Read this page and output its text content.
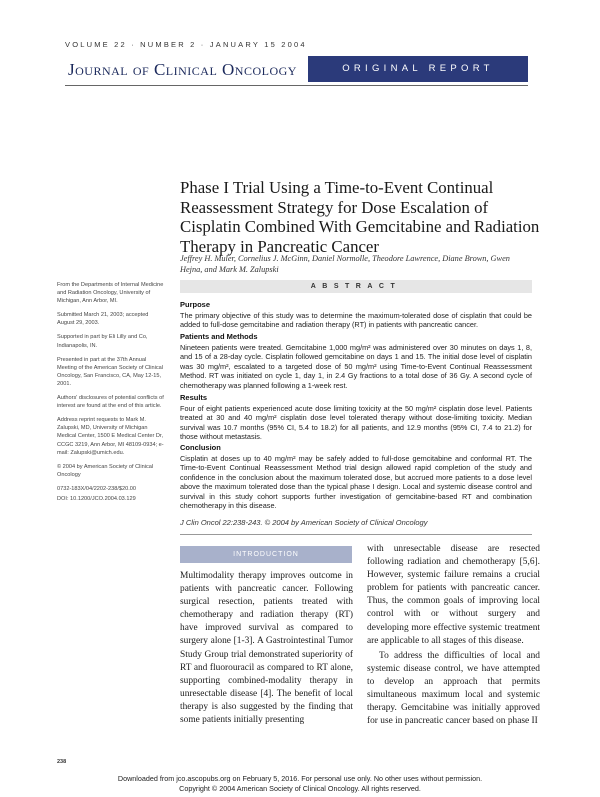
VOLUME 22 · NUMBER 2 · JANUARY 15 2004
Journal of Clinical Oncology	ORIGINAL REPORT
Phase I Trial Using a Time-to-Event Continual Reassessment Strategy for Dose Escalation of Cisplatin Combined With Gemcitabine and Radiation Therapy in Pancreatic Cancer
Jeffrey H. Muler, Cornelius J. McGinn, Daniel Normolle, Theodore Lawrence, Diane Brown, Gwen Hejna, and Mark M. Zalupski

From the Departments of Internal Medicine and Radiation Oncology, University of Michigan, Ann Arbor, MI.

Submitted March 21, 2003; accepted August 29, 2003.

Supported in part by Eli Lilly and Co, Indianapolis, IN.

Presented in part at the 37th Annual Meeting of the American Society of Clinical Oncology, San Francisco, CA, May 12-15, 2001.

Authors' disclosures of potential conflicts of interest are found at the end of this article.

Address reprint requests to Mark M. Zalupski, MD, University of Michigan Medical Center, 1500 E Medical Center Dr, CCGC 3219, Ann Arbor, MI 48109-0934; e-mail: Zalupski@umich.edu.

© 2004 by American Society of Clinical Oncology

0732-183X/04/2202-238/$20.00

DOI: 10.1200/JCO.2004.03.129

ABSTRACT
Purpose

The primary objective of this study was to determine the maximum-tolerated dose of cisplatin that could be added to full-dose gemcitabine and radiation therapy (RT) in patients with pancreatic cancer.

Patients and Methods

Nineteen patients were treated. Gemcitabine 1,000 mg/m² was administered over 30 minutes on days 1, 8, and 15 of a 28-day cycle. Cisplatin followed gemcitabine on days 1 and 15. The initial dose level of cisplatin was 30 mg/m², escalated to a targeted dose of 50 mg/m² using Time-to-Event Continual Reassessment Method. RT was initiated on cycle 1, day 1, in 2.4 Gy fractions to a total dose of 36 Gy. A second cycle of chemotherapy was planned following a 1-week rest.

Results

Four of eight patients experienced acute dose limiting toxicity at the 50 mg/m² cisplatin dose level. Patients treated at 30 and 40 mg/m² cisplatin dose level tolerated therapy without dose-limiting toxicity. Median survival was 10.7 months (95% CI, 5.4 to 18.2) for all patients, and 12.9 months (95% CI, 7.4 to 21.2) for those without metastasis.

Conclusion

Cisplatin at doses up to 40 mg/m² may be safely added to full-dose gemcitabine and conformal RT. The Time-to-Event Continual Reassessment Method trial design allowed rapid completion of the study and confidence in the conclusion about the maximum tolerated dose, but accrued more patients to a dose level above the maximum tolerated dose than the typical phase I design. Local and systemic disease control and survival in this study cohort supports further investigation of gemcitabine-based RT and combination chemotherapy in this disease.

J Clin Oncol 22:238-243. © 2004 by American Society of Clinical Oncology
INTRODUCTION

Multimodality therapy improves outcome in patients with pancreatic cancer. Following surgical resection, patients treated with chemotherapy and radiation therapy (RT) have improved survival as compared to surgery alone [1-3]. A Gastrointestinal Tumor Study Group trial demonstrated superiority of RT and fluorouracil as compared to RT alone, supporting combined-modality therapy in unresectable disease [4]. The benefit of local therapy is also suggested by the finding that some patients initially presenting

with unresectable disease are resected following radiation and chemotherapy [5,6]. However, systemic failure remains a crucial problem for patients with pancreatic cancer. Thus, the common goals of improving local control with or without surgery and developing more effective systemic treatment are applicable to all stages of this disease.

To address the difficulties of local and systemic disease control, we have attempted to develop an approach that permits simultaneous maximum local and systemic therapy. Gemcitabine was initially approved for use in pancreatic cancer based on phase II

238
Downloaded from jco.ascopubs.org on February 5, 2016. For personal use only. No other uses without permission.
Copyright © 2004 American Society of Clinical Oncology. All rights reserved.
